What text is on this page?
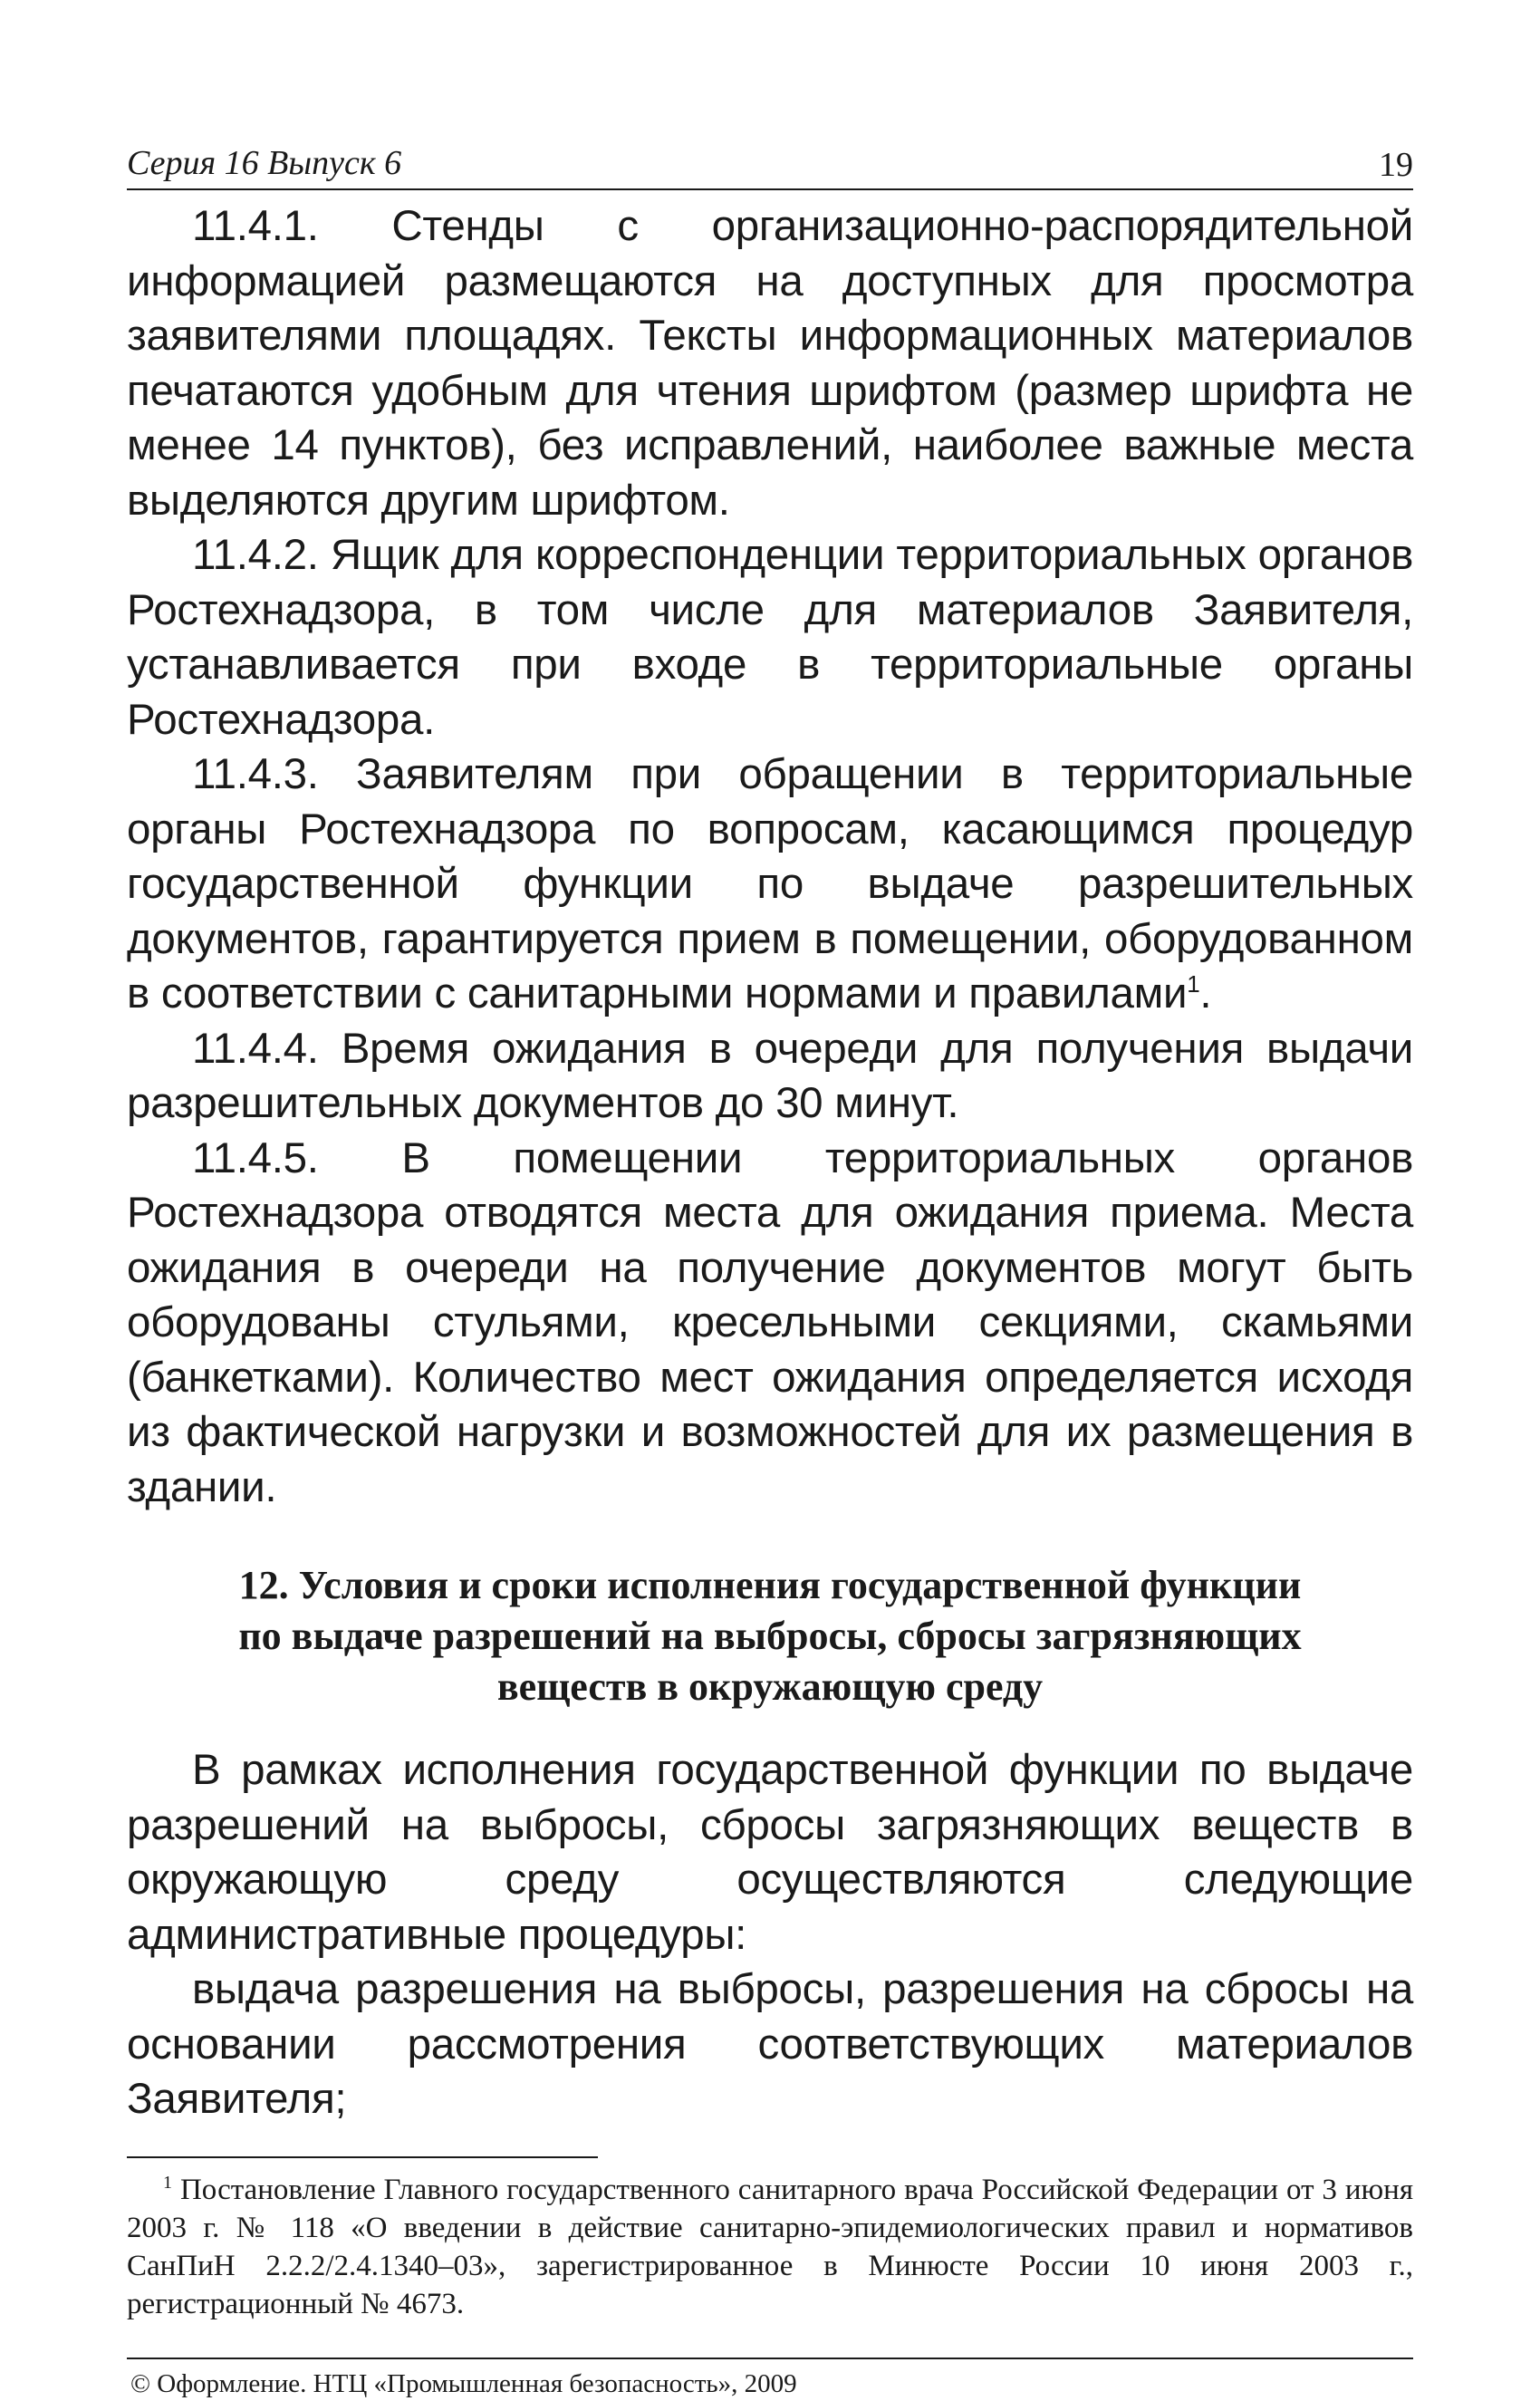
Серия 16 Выпуск 6	19

11.4.1. Стенды с организационно-распорядительной информацией размещаются на доступных для просмотра заявителями площадях. Тексты информационных материалов печатаются удобным для чтения шрифтом (размер шрифта не менее 14 пунктов), без исправлений, наиболее важные места выделяются другим шрифтом.

11.4.2. Ящик для корреспонденции территориальных органов Ростехнадзора, в том числе для материалов Заявителя, устанавливается при входе в территориальные органы Ростехнадзора.

11.4.3. Заявителям при обращении в территориальные органы Ростехнадзора по вопросам, касающимся процедур государственной функции по выдаче разрешительных документов, гарантируется прием в помещении, оборудованном в соответствии с санитарными нормами и правилами$^1$.

11.4.4. Время ожидания в очереди для получения выдачи разрешительных документов до 30 минут.

11.4.5. В помещении территориальных органов Ростехнадзора отводятся места для ожидания приема. Места ожидания в очереди на получение документов могут быть оборудованы стульями, кресельными секциями, скамьями (банкетками). Количество мест ожидания определяется исходя из фактической нагрузки и возможностей для их размещения в здании.

12. Условия и сроки исполнения государственной функции
по выдаче разрешений на выбросы, сбросы загрязняющих
веществ в окружающую среду

В рамках исполнения государственной функции по выдаче разрешений на выбросы, сбросы загрязняющих веществ в окружающую среду осуществляются следующие административные процедуры:

выдача разрешения на выбросы, разрешения на сбросы на основании рассмотрения соответствующих материалов Заявителя;

$^1$ Постановление Главного государственного санитарного врача Российской Федерации от 3 июня 2003 г. № 118 «О введении в действие санитарно-эпидемиологических правил и нормативов СанПиН 2.2.2/2.4.1340–03», зарегистрированное в Минюсте России 10 июня 2003 г., регистрационный № 4673.
© Оформление. НТЦ «Промышленная безопасность», 2009
